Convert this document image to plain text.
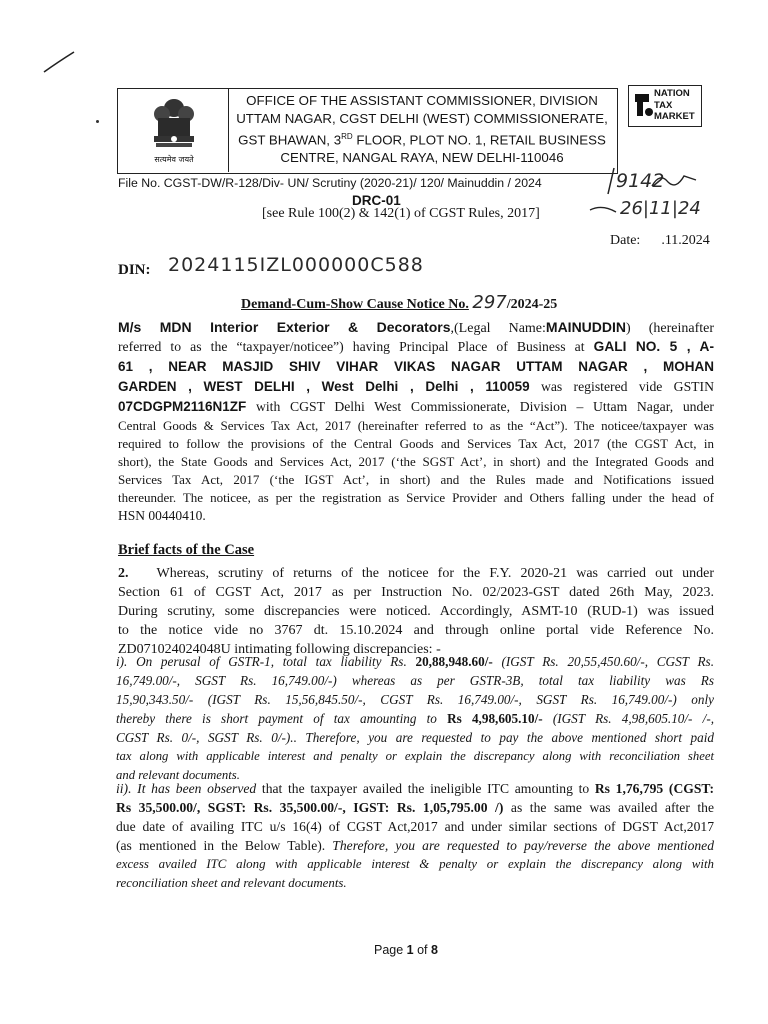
सत्यमेव जयते
OFFICE OF THE ASSISTANT COMMISSIONER, DIVISION
UTTAM NAGAR, CGST DELHI (WEST) COMMISSIONERATE,
GST BHAWAN, 3RD FLOOR, PLOT NO. 1, RETAIL BUSINESS
CENTRE, NANGAL RAYA, NEW DELHI-110046
NATION
TAX
MARKET
File No. CGST-DW/R-128/Div- UN/ Scrutiny (2020-21)/ 120/ Mainuddin / 2024	9142
26|11|24
DRC-01
[see Rule 100(2) & 142(1) of CGST Rules, 2017]
Date: .11.2024
DIN: 2024115IZL000000C588
Demand-Cum-Show Cause Notice No. 297/2024-25
M/s MDN Interior Exterior & Decorators,(Legal Name:MAINUDDIN) (hereinafter
referred to as the “taxpayer/noticee”) having Principal Place of Business at GALI NO. 5 , A-
61 , NEAR MASJID SHIV VIHAR VIKAS NAGAR UTTAM NAGAR , MOHAN
GARDEN , WEST DELHI , West Delhi , Delhi , 110059 was registered vide GSTIN
07CDGPM2116N1ZF with CGST Delhi West Commissionerate, Division – Uttam Nagar, under
Central Goods & Services Tax Act, 2017 (hereinafter referred to as the “Act”). The noticee/taxpayer was
required to follow the provisions of the Central Goods and Services Tax Act, 2017 (the CGST Act, in
short), the State Goods and Services Act, 2017 (‘the SGST Act’, in short) and the Integrated Goods and
Services Tax Act, 2017 (‘the IGST Act’, in short) and the Rules made and Notifications issued
thereunder. The noticee, as per the registration as Service Provider and Others falling under the head of
HSN 00440410.
Brief facts of the Case
2. Whereas, scrutiny of returns of the noticee for the F.Y. 2020-21 was carried out under
Section 61 of CGST Act, 2017 as per Instruction No. 02/2023-GST dated 26th May, 2023.
During scrutiny, some discrepancies were noticed. Accordingly, ASMT-10 (RUD-1) was issued
to the notice vide no 3767 dt. 15.10.2024 and through online portal vide Reference No.
ZD071024024048U intimating following discrepancies: -
i). On perusal of GSTR-1, total tax liability Rs. 20,88,948.60/- (IGST Rs. 20,55,450.60/-, CGST Rs.
16,749.00/-, SGST Rs. 16,749.00/-) whereas as per GSTR-3B, total tax liability was Rs
15,90,343.50/- (IGST Rs. 15,56,845.50/-, CGST Rs. 16,749.00/-, SGST Rs. 16,749.00/-) only
thereby there is short payment of tax amounting to Rs 4,98,605.10/- (IGST Rs. 4,98,605.10/- /-,
CGST Rs. 0/-, SGST Rs. 0/-).. Therefore, you are requested to pay the above mentioned short paid
tax along with applicable interest and penalty or explain the discrepancy along with reconciliation sheet
and relevant documents.
ii). It has been observed that the taxpayer availed the ineligible ITC amounting to Rs 1,76,795 (CGST:
Rs 35,500.00/, SGST: Rs. 35,500.00/-, IGST: Rs. 1,05,795.00 /) as the same was availed after the
due date of availing ITC u/s 16(4) of CGST Act,2017 and under similar sections of DGST Act,2017
(as mentioned in the Below Table). Therefore, you are requested to pay/reverse the above mentioned
excess availed ITC along with applicable interest & penalty or explain the discrepancy along with
reconciliation sheet and relevant documents.
Page 1 of 8
